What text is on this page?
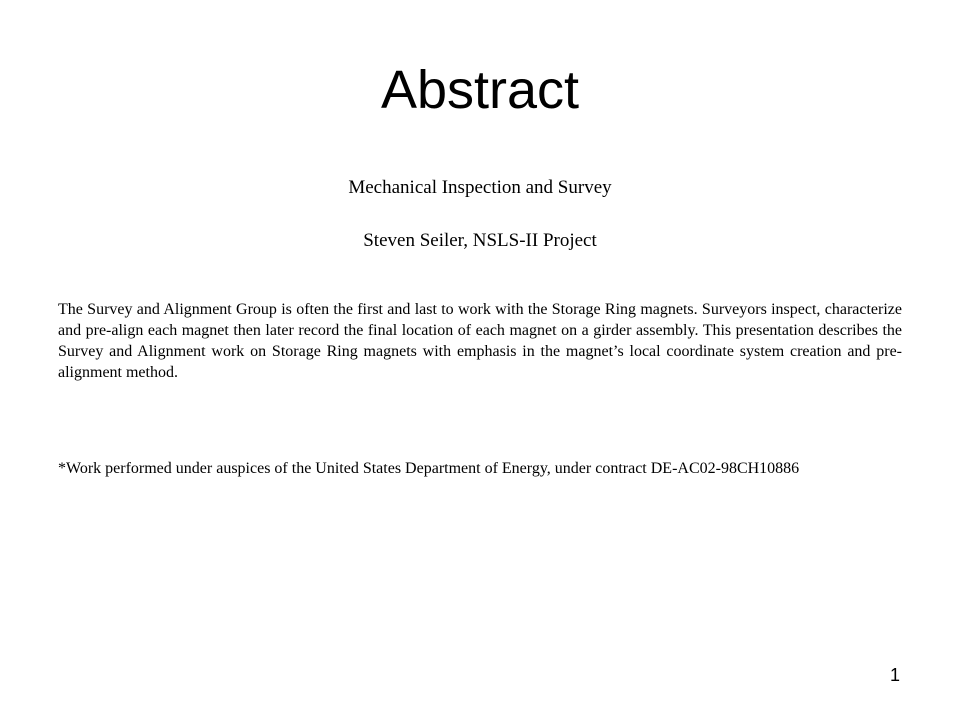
Abstract

Mechanical Inspection and Survey

Steven Seiler, NSLS-II Project

The Survey and Alignment Group is often the first and last to work with the Storage Ring magnets. Surveyors inspect, characterize and pre-align each magnet then later record the final location of each magnet on a girder assembly. This presentation describes the Survey and Alignment work on Storage Ring magnets with emphasis in the magnet’s local coordinate system creation and pre-alignment method.

*Work performed under auspices of the United States Department of Energy, under contract DE-AC02-98CH10886

1
